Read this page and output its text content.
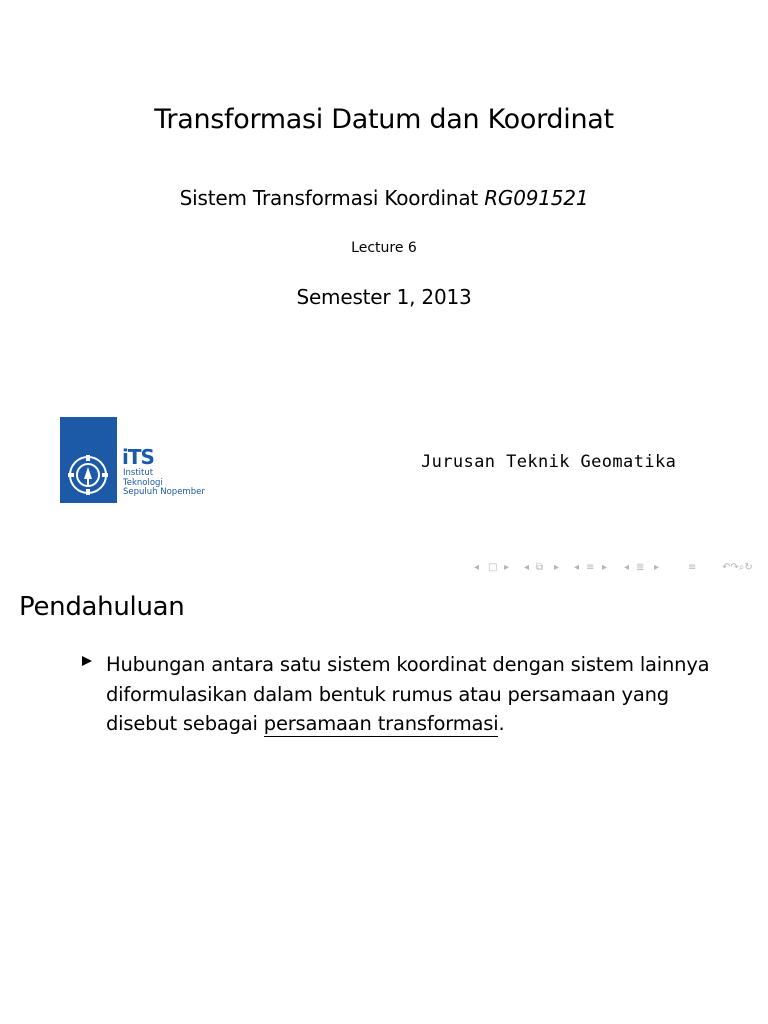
Transformasi Datum dan Koordinat
Sistem Transformasi Koordinat RG091521
Lecture 6
Semester 1, 2013
iTS
Institut
Teknologi
Sepuluh Nopember
Jurusan Teknik Geomatika
◂ □ ▸ ◂ ⧉ ▸ ◂ ≡ ▸ ◂ ≣ ▸	≡	↶↷⌕↻
Pendahuluan
Hubungan antara satu sistem koordinat dengan sistem lainnya diformulasikan dalam bentuk rumus atau persamaan yang disebut sebagai persamaan transformasi.
